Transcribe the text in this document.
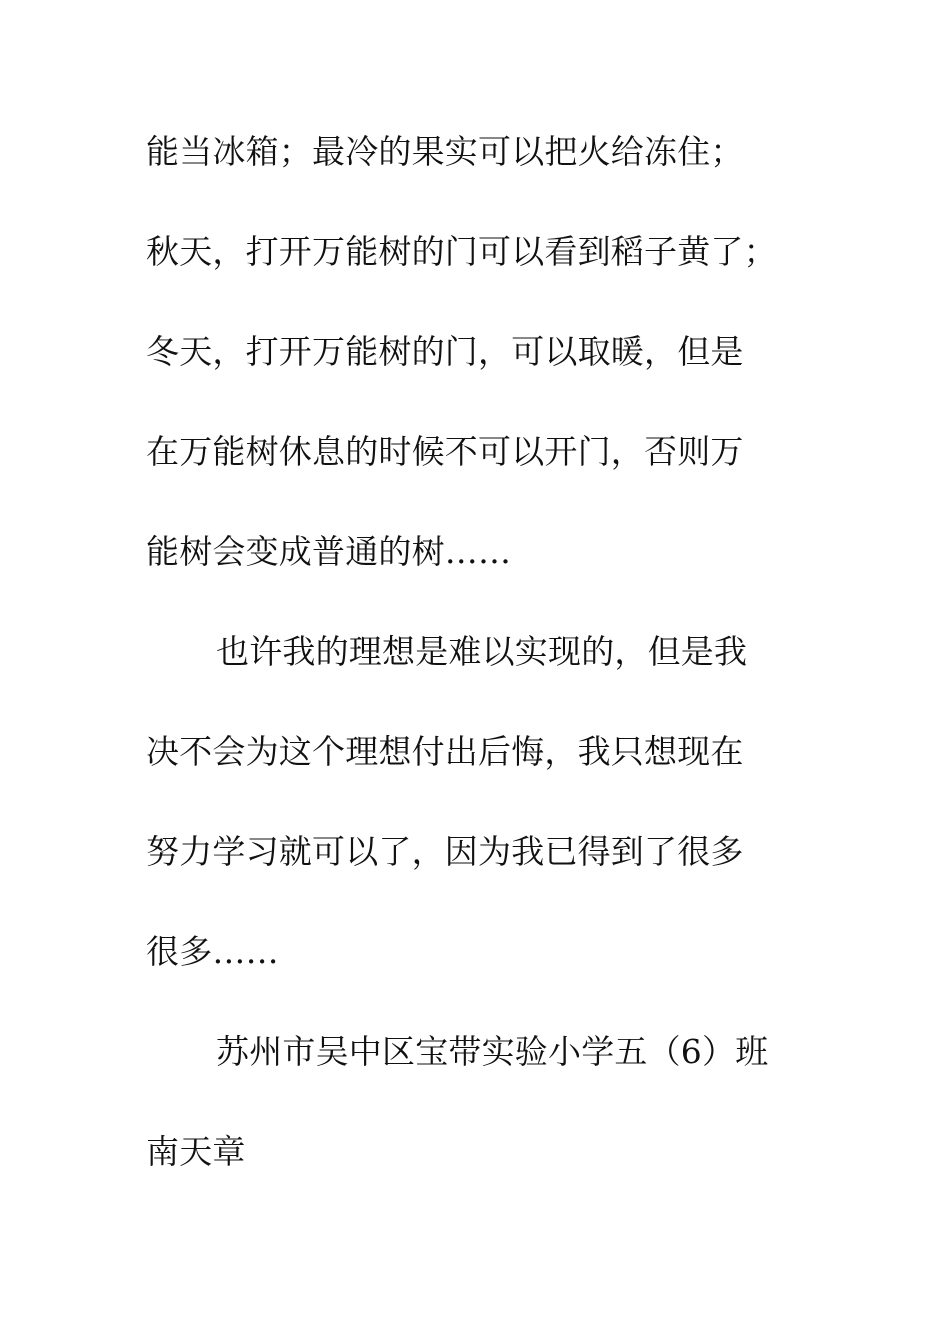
能当冰箱；最冷的果实可以把火给冻住；
秋天，打开万能树的门可以看到稻子黄了；
冬天，打开万能树的门，可以取暖，但是
在万能树休息的时候不可以开门，否则万
能树会变成普通的树……
也许我的理想是难以实现的，但是我
决不会为这个理想付出后悔，我只想现在
努力学习就可以了，因为我已得到了很多
很多……
苏州市吴中区宝带实验小学五（6）班
南天章
